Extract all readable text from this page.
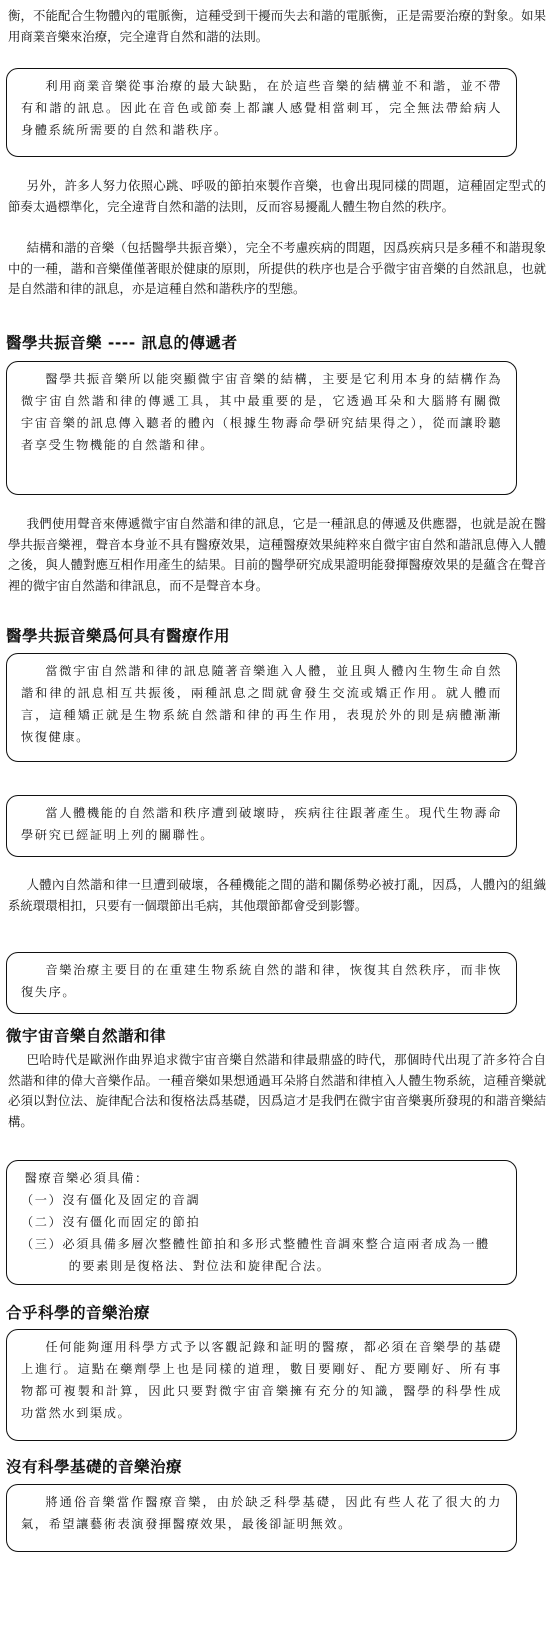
衡，不能配合生物體內的電脈衡，這種受到干擾而失去和諧的電脈衡，正是需要治療的對象。如果用商業音樂來治療，完全違背自然和諧的法則。

利用商業音樂從事治療的最大缺點，在於這些音樂的結構並不和諧，並不帶有和諧的訊息。因此在音色或節奏上都讓人感覺相當刺耳，完全無法帶給病人身體系統所需要的自然和諧秩序。

另外，許多人努力依照心跳、呼吸的節拍來製作音樂，也會出現同樣的問題，這種固定型式的節奏太過標準化，完全違背自然和諧的法則，反而容易擾亂人體生物自然的秩序。

結構和諧的音樂（包括醫學共振音樂），完全不考慮疾病的問題，因爲疾病只是多種不和諧現象中的一種，諧和音樂僅僅著眼於健康的原則，所提供的秩序也是合乎微宇宙音樂的自然訊息，也就是自然諧和律的訊息，亦是這種自然和諧秩序的型態。

醫學共振音樂 ---- 訊息的傳遞者

醫學共振音樂所以能突顯微宇宙音樂的結構，主要是它利用本身的結構作為微宇宙自然諧和律的傳遞工具，其中最重要的是，它透過耳朵和大腦將有關微宇宙音樂的訊息傳入聽者的體內（根據生物壽命學研究結果得之），從而讓聆聽者享受生物機能的自然諧和律。

我們使用聲音來傳遞微宇宙自然諧和律的訊息，它是一種訊息的傳遞及供應器，也就是說在醫學共振音樂裡，聲音本身並不具有醫療效果，這種醫療效果純粹來自微宇宙自然和諧訊息傳入人體之後，與人體對應互相作用產生的結果。目前的醫學研究成果證明能發揮醫療效果的是蘊含在聲音裡的微宇宙自然諧和律訊息，而不是聲音本身。

醫學共振音樂爲何具有醫療作用

當微宇宙自然諧和律的訊息隨著音樂進入人體，並且與人體內生物生命自然諧和律的訊息相互共振後，兩種訊息之間就會發生交流或矯正作用。就人體而言，這種矯正就是生物系統自然諧和律的再生作用，表現於外的則是病體漸漸恢復健康。

當人體機能的自然諧和秩序遭到破壞時，疾病往往跟著產生。現代生物壽命學研究已經証明上列的關聯性。

人體內自然諧和律一旦遭到破壞，各種機能之間的諧和關係勢必被打亂，因爲，人體內的組織系統環環相扣，只要有一個環節出毛病，其他環節都會受到影響。

音樂治療主要目的在重建生物系統自然的諧和律，恢復其自然秩序，而非恢復失序。

微宇宙音樂自然諧和律

巴哈時代是歐洲作曲界追求微宇宙音樂自然諧和律最鼎盛的時代，那個時代出現了許多符合自然諧和律的偉大音樂作品。一種音樂如果想通過耳朵將自然諧和律植入人體生物系統，這種音樂就必須以對位法、旋律配合法和復格法爲基礎，因爲這才是我們在微宇宙音樂裏所發現的和諧音樂結構。

醫療音樂必須具備：

（一）沒有僵化及固定的音調

（二）沒有僵化而固定的節拍

（三）必須具備多層次整體性節拍和多形式整體性音調來整合這兩者成為一體的要素則是復格法、對位法和旋律配合法。

合乎科學的音樂治療

任何能夠運用科學方式予以客觀記錄和証明的醫療，都必須在音樂學的基礎上進行。這點在藥劑學上也是同樣的道理，數目要剛好、配方要剛好、所有事物都可複製和計算，因此只要對微宇宙音樂擁有充分的知識，醫學的科學性成功當然水到渠成。

沒有科學基礎的音樂治療

將通俗音樂當作醫療音樂，由於缺乏科學基礎，因此有些人花了很大的力氣，希望讓藝術表演發揮醫療效果，最後卻証明無效。
